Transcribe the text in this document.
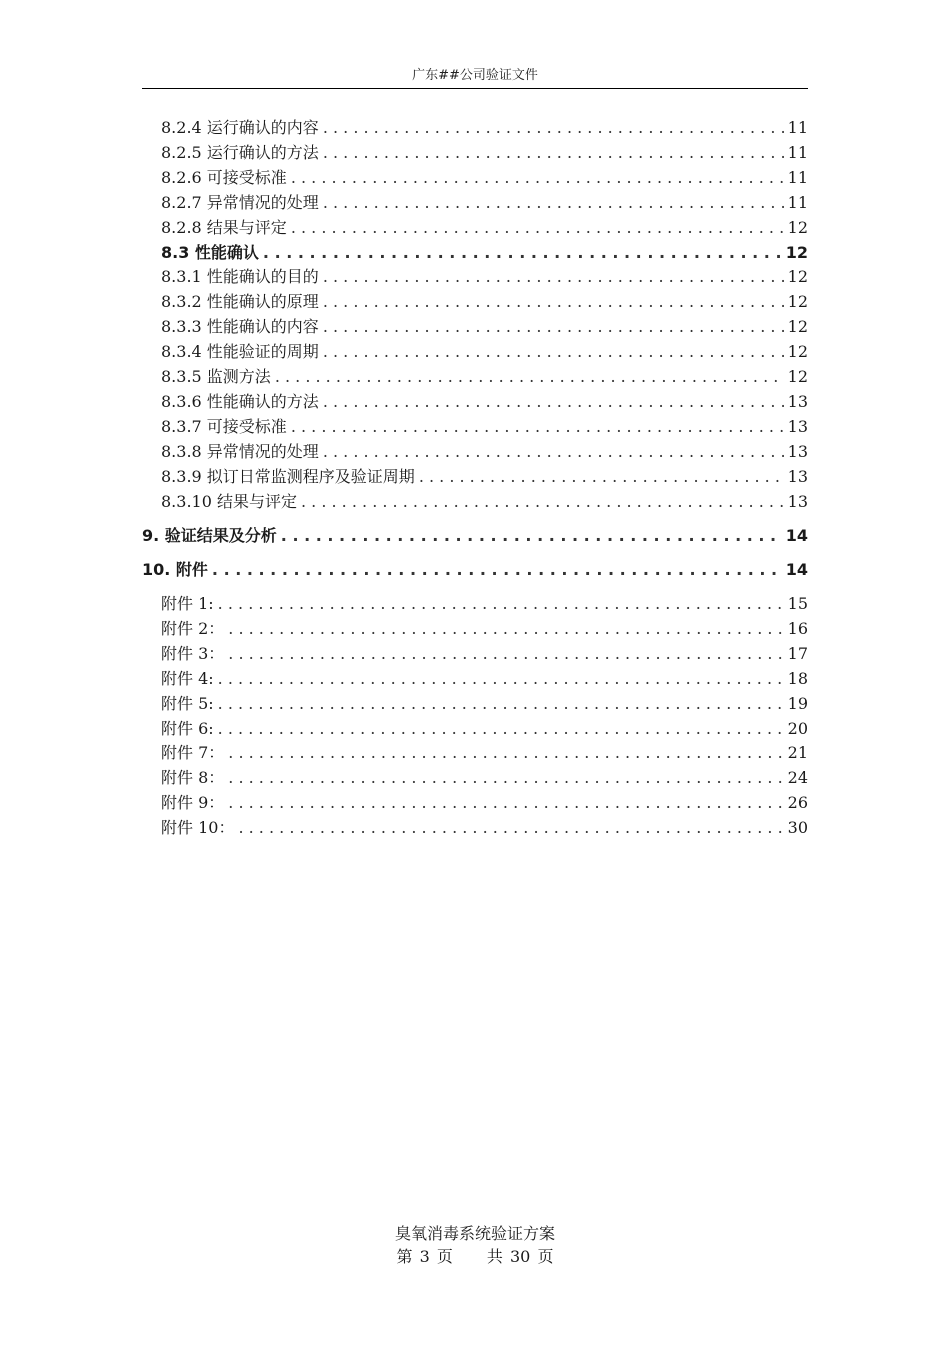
广东##公司验证文件
8.2.4 运行确认的内容 . . .	11
8.2.5 运行确认的方法 . . .	11
8.2.6 可接受标准 . . .	11
8.2.7 异常情况的处理 . . .	11
8.2.8 结果与评定 . . .	12
8.3 性能确认 . . .	12
8.3.1 性能确认的目的 . . .	12
8.3.2 性能确认的原理 . . .	12
8.3.3 性能确认的内容 . . .	12
8.3.4 性能验证的周期 . . .	12
8.3.5 监测方法 . . .	12
8.3.6 性能确认的方法 . . .	13
8.3.7 可接受标准 . . .	13
8.3.8 异常情况的处理 . . .	13
8.3.9 拟订日常监测程序及验证周期 . . .	13
8.3.10 结果与评定 . . .	13
9. 验证结果及分析 . . .	14
10. 附件 . . .	14
附件 1: . . .	15
附件 2： . . .	16
附件 3： . . .	17
附件 4: . . .	18
附件 5: . . .	19
附件 6: . . .	20
附件 7： . . .	21
附件 8： . . .	24
附件 9： . . .	26
附件 10： . . .	30
臭氧消毒系统验证方案
第 3 页 共 30 页
